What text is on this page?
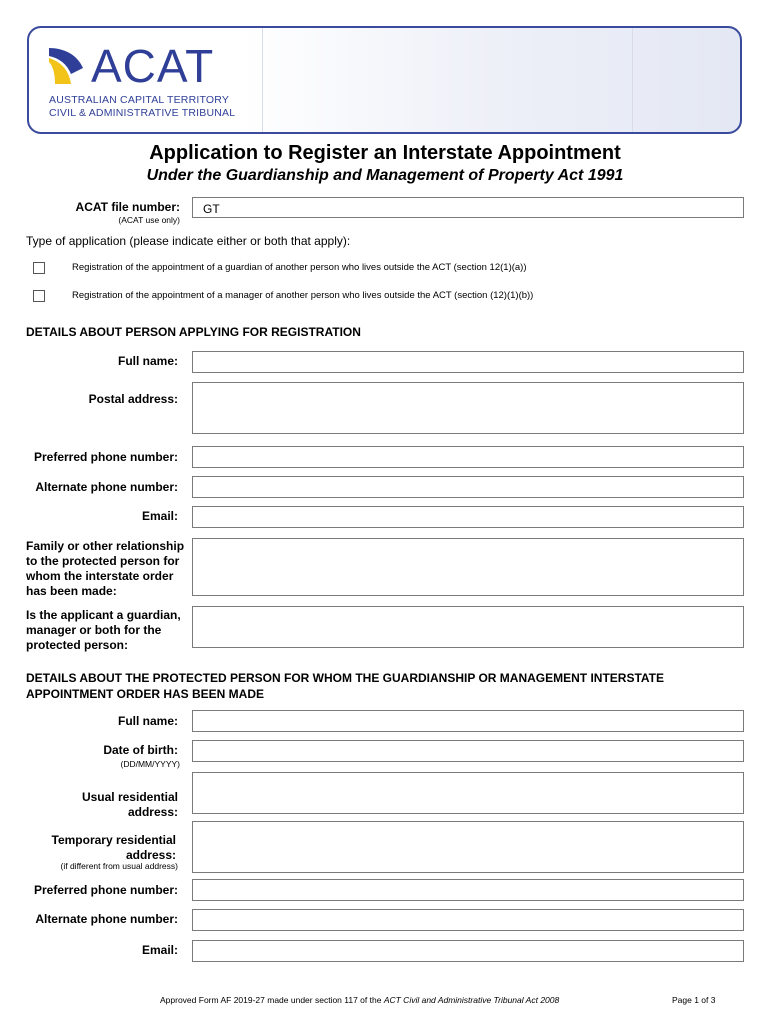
ACAT
AUSTRALIAN CAPITAL TERRITORY
CIVIL & ADMINISTRATIVE TRIBUNAL
Application to Register an Interstate Appointment
Under the Guardianship and Management of Property Act 1991
ACAT file number:
(ACAT use only)
GT
Type of application (please indicate either or both that apply):
Registration of the appointment of a guardian of another person who lives outside the ACT (section 12(1)(a))
Registration of the appointment of a manager of another person who lives outside the ACT (section (12)(1)(b))
DETAILS ABOUT PERSON APPLYING FOR REGISTRATION
Full name:
Postal address:
Preferred phone number:
Alternate phone number:
Email:
Family or other relationship
to the protected person for
whom the interstate order
has been made:
Is the applicant a guardian,
manager or both for the
protected person:
DETAILS ABOUT THE PROTECTED PERSON FOR WHOM THE GUARDIANSHIP OR MANAGEMENT INTERSTATE
APPOINTMENT ORDER HAS BEEN MADE
Full name:
Date of birth:
(DD/MM/YYYY)
Usual residential address:
Temporary residential
address:
(if different from usual address)
Preferred phone number:
Alternate phone number:
Email:
Approved Form AF 2019-27 made under section 117 of the ACT Civil and Administrative Tribunal Act 2008	Page 1 of 3
